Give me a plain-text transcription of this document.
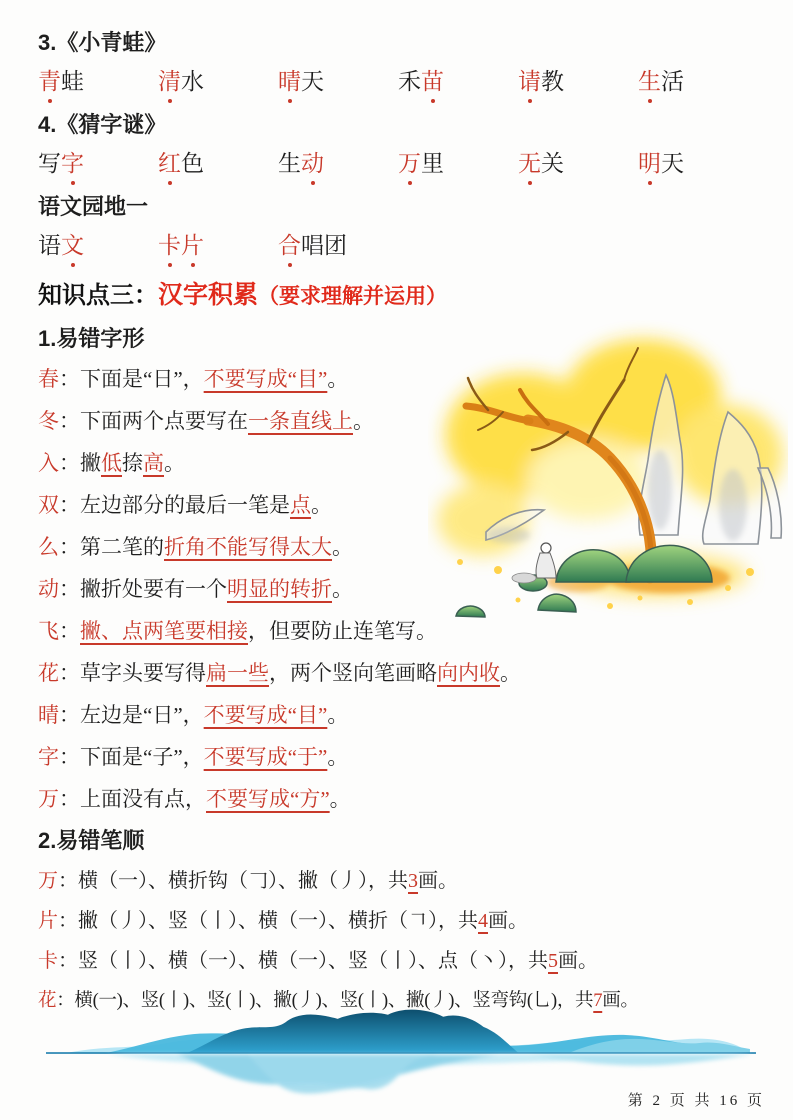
3.《小青蛙》
青蛙	清水	晴天	禾苗	请教	生活
4.《猜字谜》
写字	红色	生动	万里	无关	明天
语文园地一
语文	卡片	合唱团
知识点三：汉字积累（要求理解并运用）
1.易错字形
春：下面是“日”，不要写成“目”。
冬：下面两个点要写在一条直线上。
入：撇低捺高。
双：左边部分的最后一笔是点。
么：第二笔的折角不能写得太大。
动：撇折处要有一个明显的转折。
飞：撇、点两笔要相接，但要防止连笔写。
花：草字头要写得扁一些，两个竖向笔画略向内收。
晴：左边是“日”，不要写成“目”。
字：下面是“子”，不要写成“于”。
万：上面没有点，不要写成“方”。
2.易错笔顺
万：横（一）、横折钩（𠃌）、撇（丿），共3画。
片：撇（丿）、竖（丨）、横（一）、横折（𠃍），共4画。
卡：竖（丨）、横（一）、横（一）、竖（丨）、点（丶），共5画。
花：横(一)、竖(丨)、竖(丨)、撇(丿)、竖(丨)、撇(丿)、竖弯钩(乚)，共7画。
第 2 页 共 16 页
